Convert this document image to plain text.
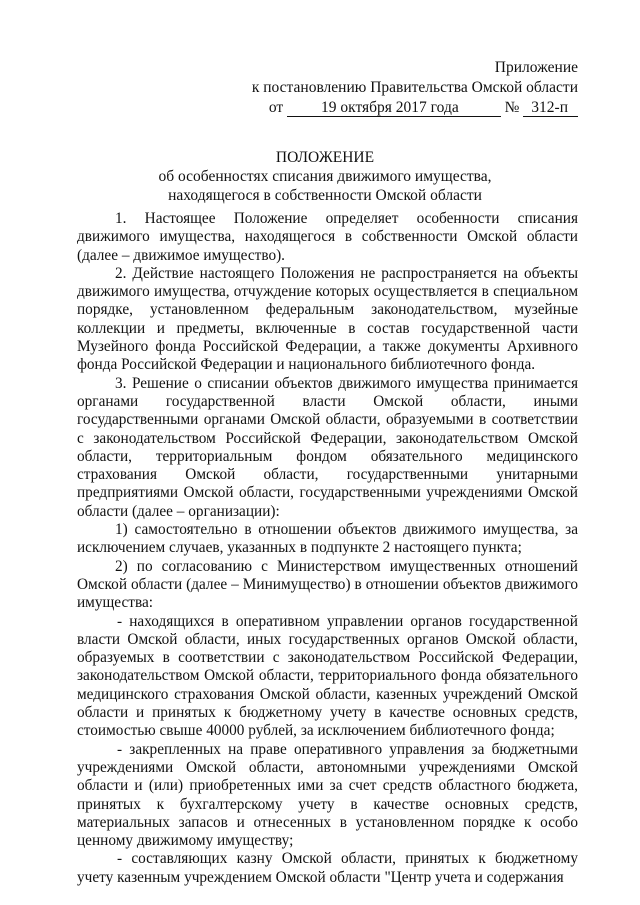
Приложение
к постановлению Правительства Омской области
от 19 октября 2017 года	№ 312-п
ПОЛОЖЕНИЕ
об особенностях списания движимого имущества, находящегося в собственности Омской области

1. Настоящее Положение определяет особенности списания движимого имущества, находящегося в собственности Омской области (далее – движимое имущество).

2. Действие настоящего Положения не распространяется на объекты движимого имущества, отчуждение которых осуществляется в специальном порядке, установленном федеральным законодательством, музейные коллекции и предметы, включенные в состав государственной части Музейного фонда Российской Федерации, а также документы Архивного фонда Российской Федерации и национального библиотечного фонда.

3. Решение о списании объектов движимого имущества принимается органами государственной власти Омской области, иными государственными органами Омской области, образуемыми в соответствии с законодательством Российской Федерации, законодательством Омской области, территориальным фондом обязательного медицинского страхования Омской области, государственными унитарными предприятиями Омской области, государственными учреждениями Омской области (далее – организации):

1) самостоятельно в отношении объектов движимого имущества, за исключением случаев, указанных в подпункте 2 настоящего пункта;

2) по согласованию с Министерством имущественных отношений Омской области (далее – Минимущество) в отношении объектов движимого имущества:

- находящихся в оперативном управлении органов государственной власти Омской области, иных государственных органов Омской области, образуемых в соответствии с законодательством Российской Федерации, законодательством Омской области, территориального фонда обязательного медицинского страхования Омской области, казенных учреждений Омской области и принятых к бюджетному учету в качестве основных средств, стоимостью свыше 40000 рублей, за исключением библиотечного фонда;

- закрепленных на праве оперативного управления за бюджетными учреждениями Омской области, автономными учреждениями Омской области и (или) приобретенных ими за счет средств областного бюджета, принятых к бухгалтерскому учету в качестве основных средств, материальных запасов и отнесенных в установленном порядке к особо ценному движимому имуществу;

- составляющих казну Омской области, принятых к бюджетному учету казенным учреждением Омской области "Центр учета и содержания
